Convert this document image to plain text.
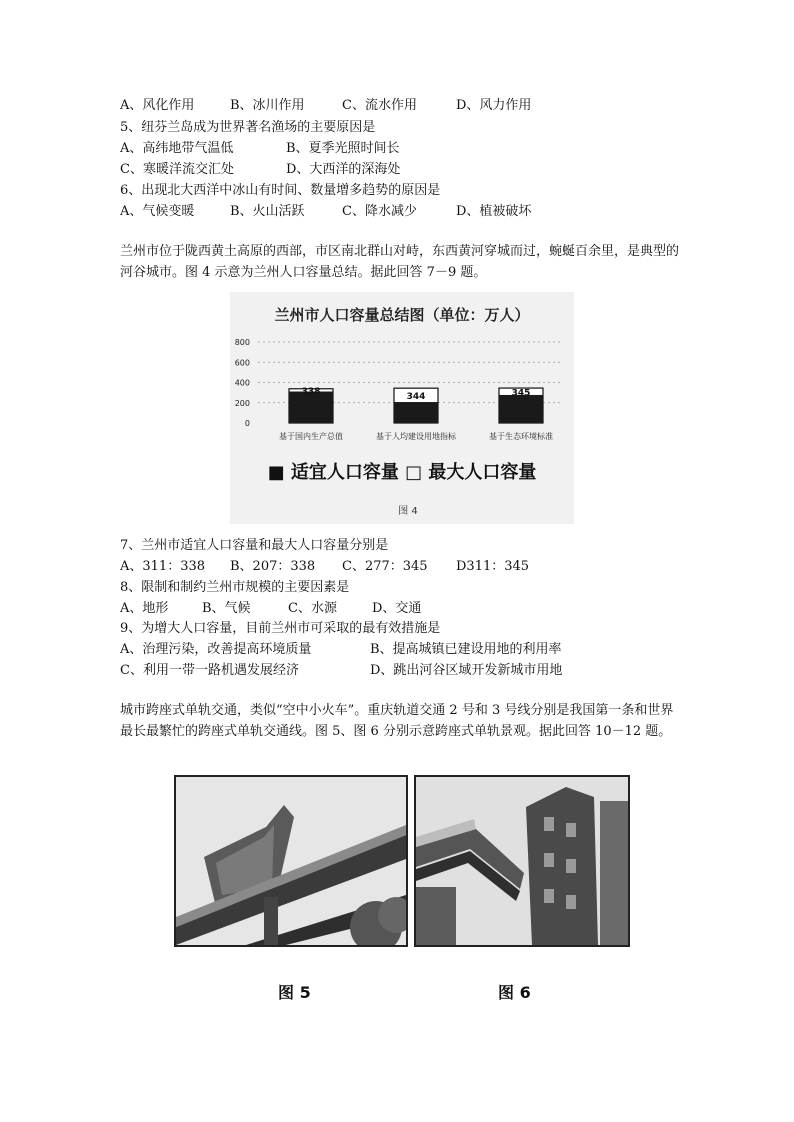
A、风化作用	B、冰川作用	C、流水作用	D、风力作用
5、纽芬兰岛成为世界著名渔场的主要原因是
A、高纬地带气温低	B、夏季光照时间长
C、寒暖洋流交汇处	D、大西洋的深海处
6、出现北大西洋中冰山有时间、数量增多趋势的原因是
A、气候变暖	B、火山活跃	C、降水减少	D、植被破坏
兰州市位于陇西黄土高原的西部，市区南北群山对峙，东西黄河穿城而过，蜿蜒百余里，是典型的河谷城市。图 4 示意为兰州人口容量总结。据此回答 7－9 题。
兰州市人口容量总结图（单位：万人）
800
600
400
200
0
338	344	345
基于国内生产总值	基于人均建设用地指标	基于生态环境标准
■ 适宜人口容量 □ 最大人口容量
图 4
7、兰州市适宜人口容量和最大人口容量分别是
A、311：338 B、207：338 C、277：345 D311：345
8、限制和制约兰州市规模的主要因素是
A、地形	B、气候	C、水源	D、交通
9、为增大人口容量，目前兰州市可采取的最有效措施是
A、治理污染，改善提高环境质量	B、提高城镇已建设用地的利用率
C、利用一带一路机遇发展经济	D、跳出河谷区域开发新城市用地
城市跨座式单轨交通，类似“空中小火车”。重庆轨道交通 2 号和 3 号线分别是我国第一条和世界最长最繁忙的跨座式单轨交通线。图 5、图 6 分别示意跨座式单轨景观。据此回答 10－12 题。
图 5	图 6
